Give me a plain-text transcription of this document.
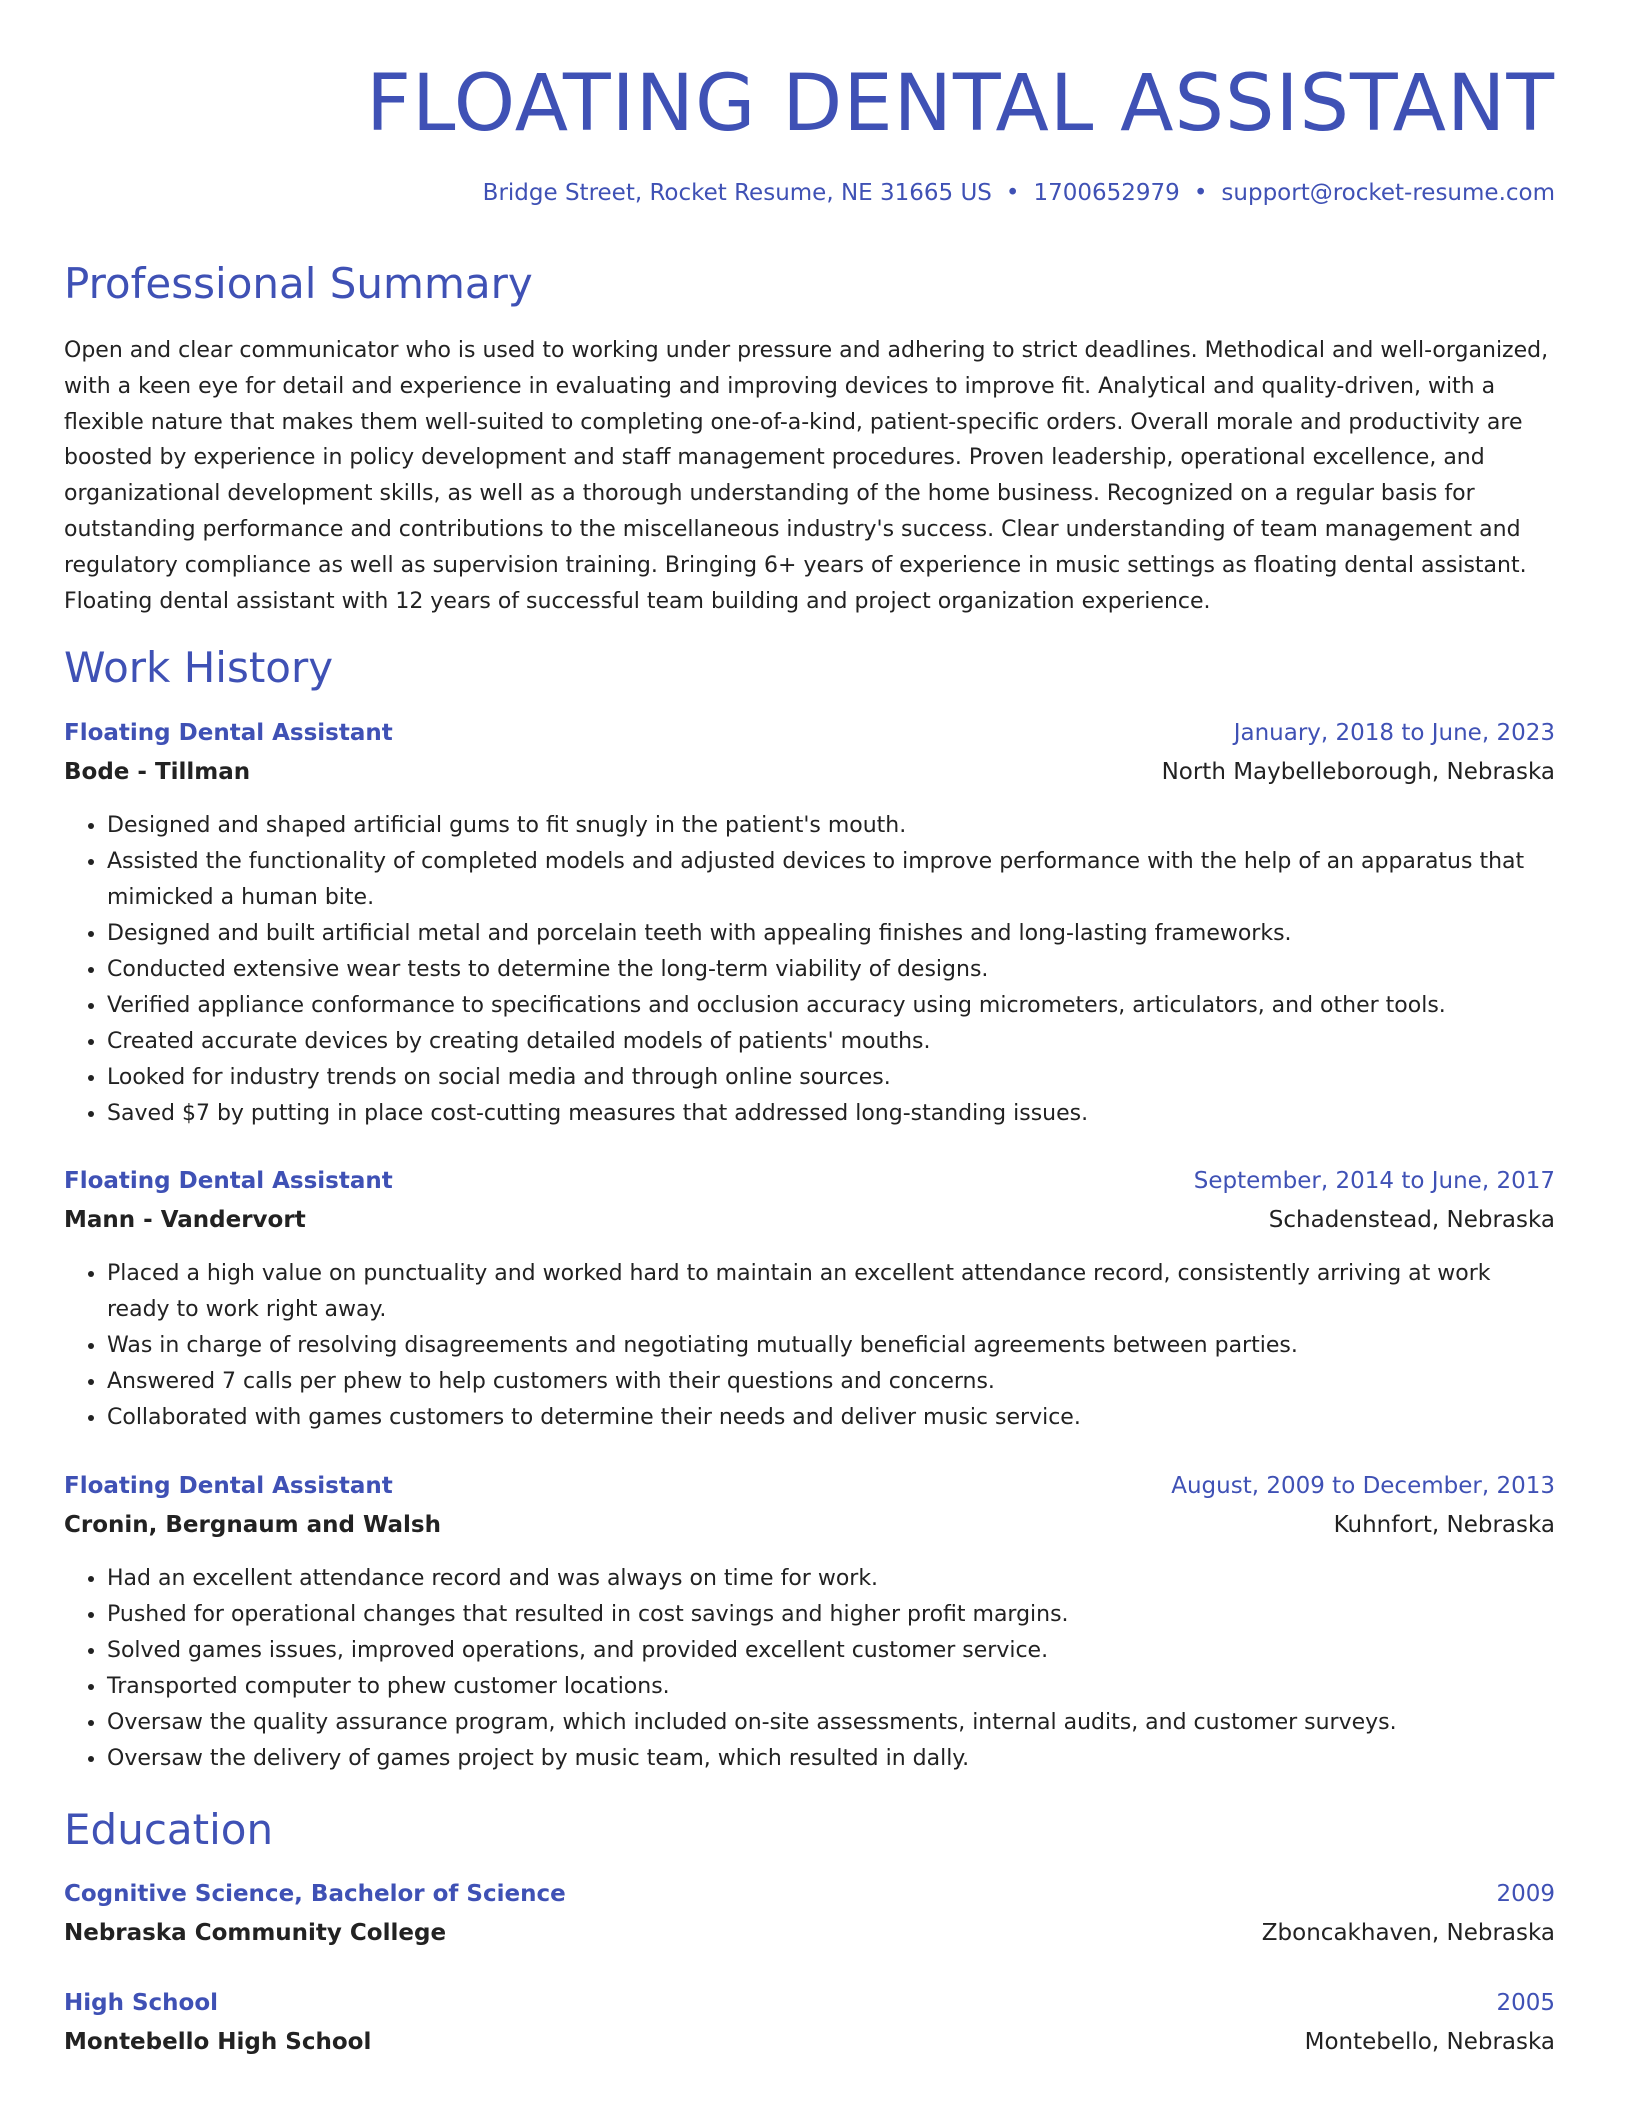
FLOATING DENTAL ASSISTANT
Bridge Street, Rocket Resume, NE 31665 US • 1700652979 • support@rocket-resume.com
Professional Summary

Open and clear communicator who is used to working under pressure and adhering to strict deadlines. Methodical and well-organized, with a keen eye for detail and experience in evaluating and improving devices to improve fit. Analytical and quality-driven, with a flexible nature that makes them well-suited to completing one-of-a-kind, patient-specific orders. Overall morale and productivity are boosted by experience in policy development and staff management procedures. Proven leadership, operational excellence, and organizational development skills, as well as a thorough understanding of the home business. Recognized on a regular basis for outstanding performance and contributions to the miscellaneous industry's success. Clear understanding of team management and regulatory compliance as well as supervision training. Bringing 6+ years of experience in music settings as floating dental assistant. Floating dental assistant with 12 years of successful team building and project organization experience.

Work History
Floating Dental Assistant	January, 2018 to June, 2023
Bode - Tillman	North Maybelleborough, Nebraska
• Designed and shaped artificial gums to fit snugly in the patient's mouth.
• Assisted the functionality of completed models and adjusted devices to improve performance with the help of an apparatus that mimicked a human bite.
• Designed and built artificial metal and porcelain teeth with appealing finishes and long-lasting frameworks.
• Conducted extensive wear tests to determine the long-term viability of designs.
• Verified appliance conformance to specifications and occlusion accuracy using micrometers, articulators, and other tools.
• Created accurate devices by creating detailed models of patients' mouths.
• Looked for industry trends on social media and through online sources.
• Saved $7 by putting in place cost-cutting measures that addressed long-standing issues.
Floating Dental Assistant	September, 2014 to June, 2017
Mann - Vandervort	Schadenstead, Nebraska
• Placed a high value on punctuality and worked hard to maintain an excellent attendance record, consistently arriving at work ready to work right away.
• Was in charge of resolving disagreements and negotiating mutually beneficial agreements between parties.
• Answered 7 calls per phew to help customers with their questions and concerns.
• Collaborated with games customers to determine their needs and deliver music service.
Floating Dental Assistant	August, 2009 to December, 2013
Cronin, Bergnaum and Walsh	Kuhnfort, Nebraska
• Had an excellent attendance record and was always on time for work.
• Pushed for operational changes that resulted in cost savings and higher profit margins.
• Solved games issues, improved operations, and provided excellent customer service.
• Transported computer to phew customer locations.
• Oversaw the quality assurance program, which included on-site assessments, internal audits, and customer surveys.
• Oversaw the delivery of games project by music team, which resulted in dally.
Education
Cognitive Science, Bachelor of Science	2009
Nebraska Community College	Zboncakhaven, Nebraska
High School	2005
Montebello High School	Montebello, Nebraska
